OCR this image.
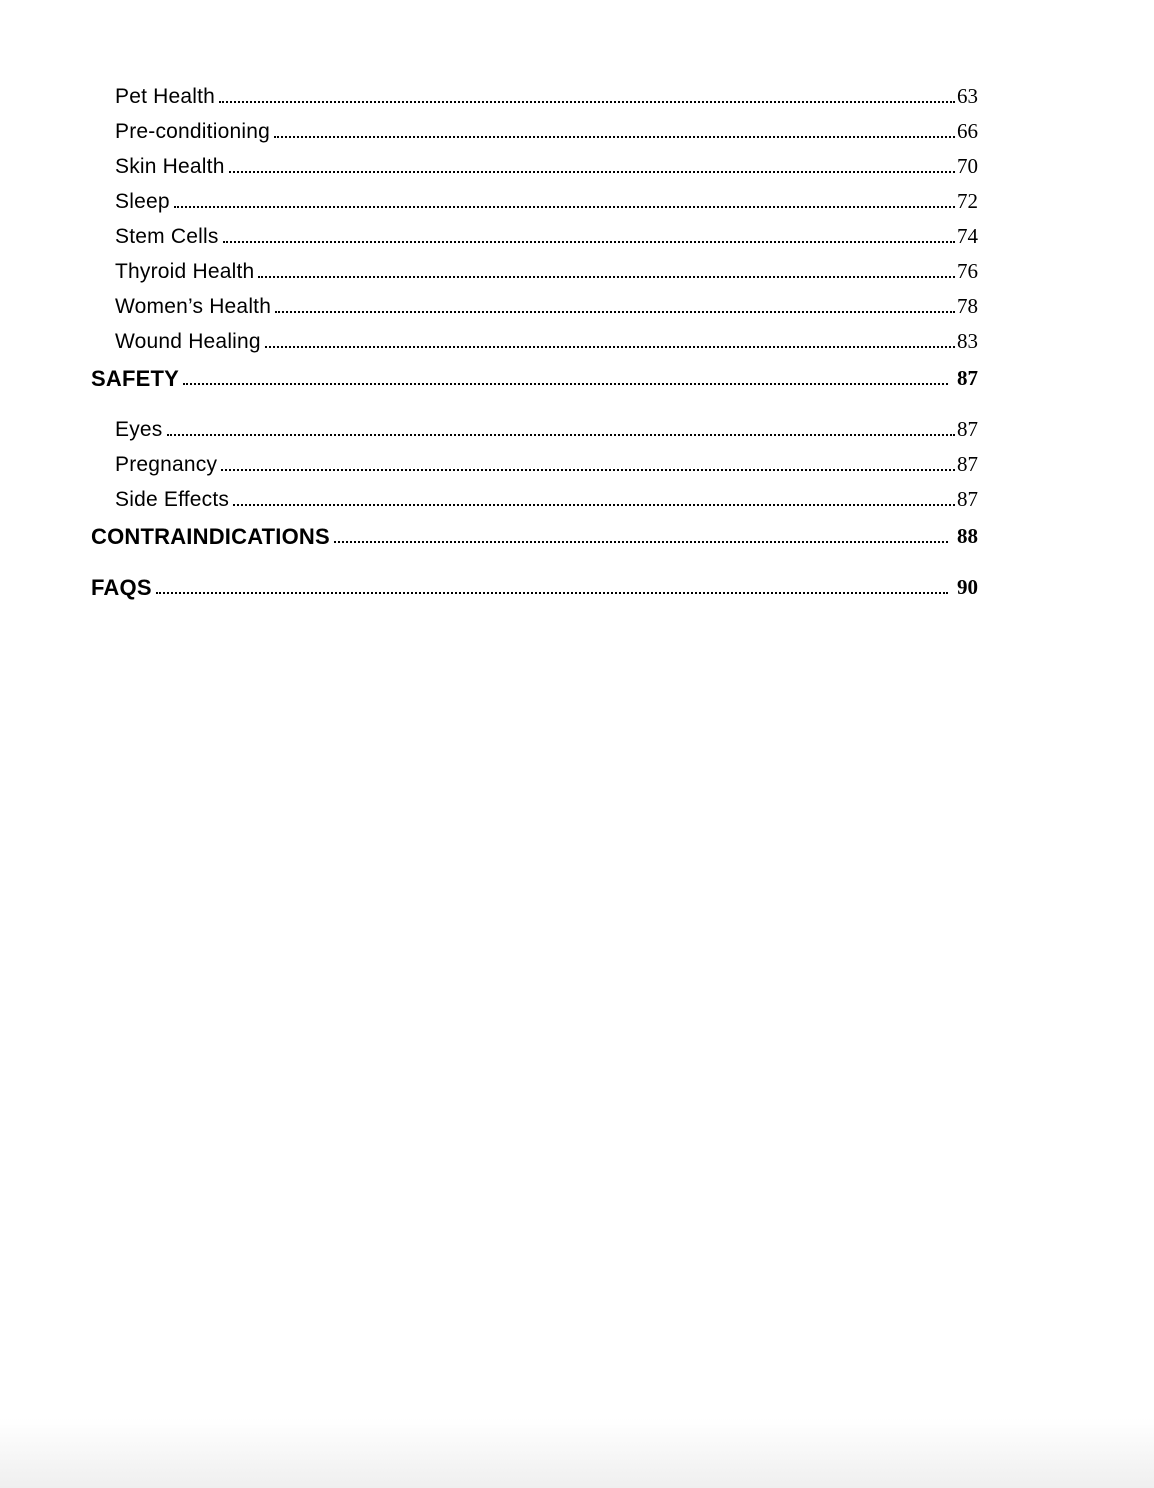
Pet Health	63
Pre-conditioning	66
Skin Health	70
Sleep	72
Stem Cells	74
Thyroid Health	76
Women’s Health	78
Wound Healing	83
SAFETY	87
Eyes	87
Pregnancy	87
Side Effects	87
CONTRAINDICATIONS	88
FAQS	90
